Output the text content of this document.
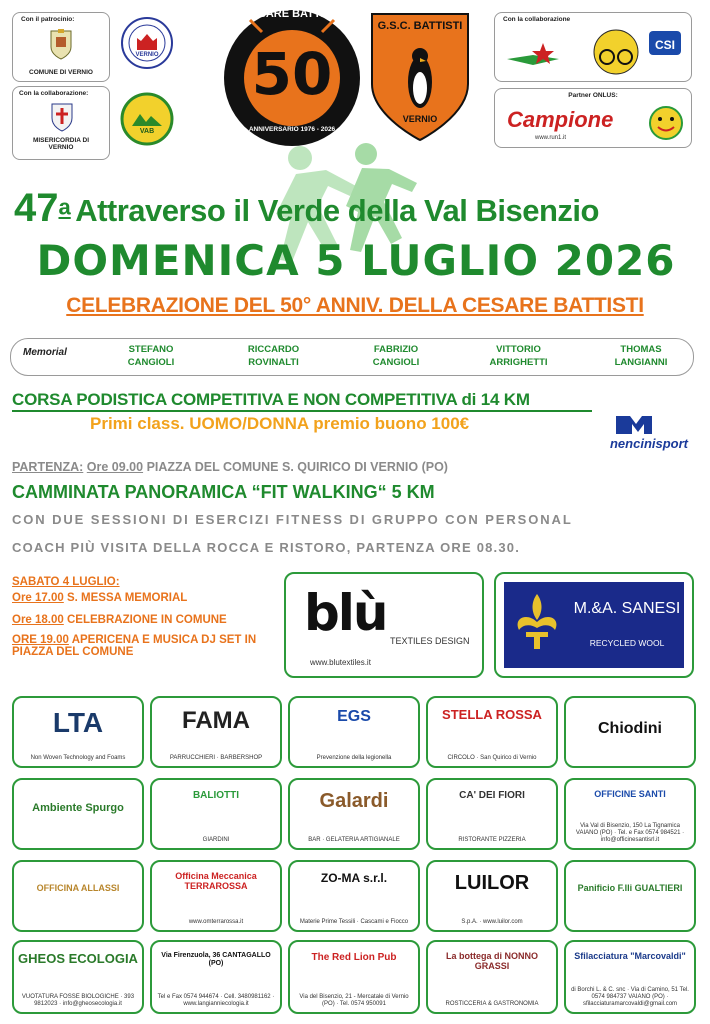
Con il patrocinio:
COMUNE DI VERNIO
Con la collaborazione:
MISERICORDIA DI VERNIO
VERNIO
VAB
CESARE BATTISTI
50
ANNIVERSARIO 1976 - 2026
G.S.C. BATTISTI
VERNIO
Con la collaborazione
CSI
Partner ONLUS:
Campione
www.run1.it
47$^a$ Attraverso il Verde della Val Bisenzio
DOMENICA 5 LUGLIO 2026
CELEBRAZIONE DEL 50° ANNIV. DELLA CESARE BATTISTI
Memorial	STEFANO
CANGIOLI
RICCARDO
ROVINALTI
FABRIZIO
CANGIOLI
VITTORIO
ARRIGHETTI
THOMAS
LANGIANNI
CORSA PODISTICA COMPETITIVA E NON COMPETITIVA di 14 KM
Primi class. UOMO/DONNA premio buono 100€
nencinisport
PARTENZA: Ore 09.00 PIAZZA DEL COMUNE S. QUIRICO DI VERNIO (PO)
CAMMINATA PANORAMICA “FIT WALKING“ 5 KM
CON DUE SESSIONI DI ESERCIZI FITNESS DI GRUPPO CON PERSONAL
COACH PIÙ VISITA DELLA ROCCA E RISTORO, PARTENZA ORE 08.30.
SABATO 4 LUGLIO:
Ore 17.00 S. MESSA MEMORIAL
Ore 18.00 CELEBRAZIONE IN COMUNE
ORE 19.00 APERICENA E MUSICA DJ SET IN PIAZZA DEL COMUNE
blù TEXTILES DESIGN
www.blutextiles.it
M.&A. SANESI
RECYCLED WOOL
LTA
Non Woven Technology and Foams
FAMA
PARRUCCHIERI · BARBERSHOP
EGS
Prevenzione della legionella
STELLA ROSSA
CIRCOLO · San Quirico di Vernio
Chiodini
Ambiente Spurgo
BALIOTTI
GIARDINI
Galardi
BAR · GELATERIA ARTIGIANALE
CA' DEI FIORI
RISTORANTE PIZZERIA
OFFICINE SANTI
Via Val di Bisenzio, 150 La Tignamica VAIANO (PO) · Tel. e Fax 0574 984521 · info@officinesantisrl.it
OFFICINA ALLASSI
Officina Meccanica TERRAROSSA
www.omterrarossa.it
ZO-MA s.r.l.
Materie Prime Tessili · Cascami e Fiocco
LUILOR
S.p.A. · www.luilor.com
Panificio F.lli GUALTIERI
GHEOS ECOLOGIA
VUOTATURA FOSSE BIOLOGICHE · 393 9812023 · info@gheosecologia.it
Via Firenzuola, 36 CANTAGALLO (PO)
Tel e Fax 0574 944674 · Cell. 3480981162 · www.langianniecologia.it
The Red Lion Pub
Via del Bisenzio, 21 - Mercatale di Vernio (PO) · Tel. 0574 950091
La bottega di NONNO GRASSI
ROSTICCERIA & GASTRONOMIA
Sfilacciatura "Marcovaldi"
di Borchi L. & C. snc · Via di Camino, 51 Tel. 0574 984737 VAIANO (PO) · sfilacciaturamarcovaldi@gmail.com
